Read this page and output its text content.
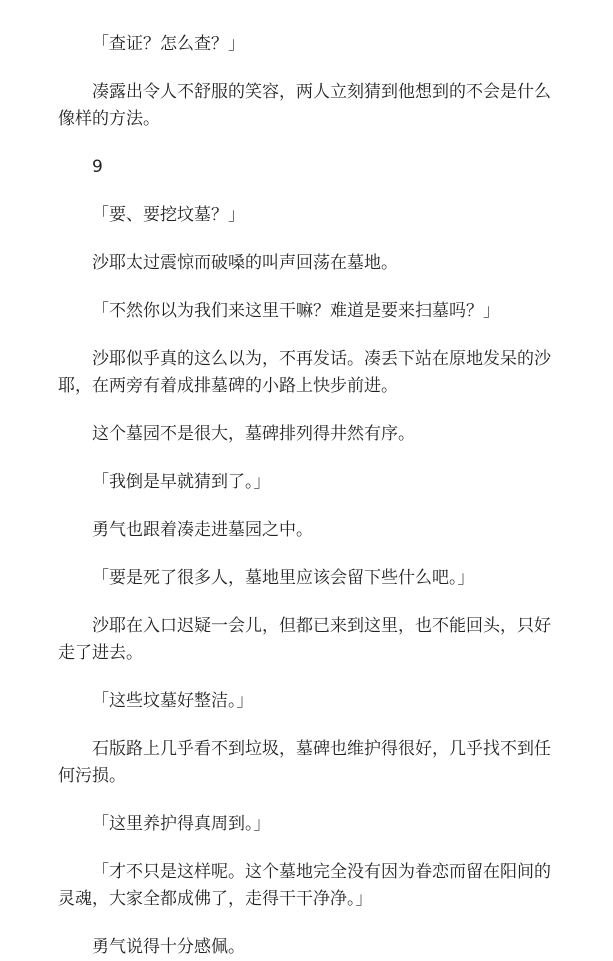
「查证？怎么查？」

凑露出令人不舒服的笑容，两人立刻猜到他想到的不会是什么像样的方法。

9

「要、要挖坟墓？」

沙耶太过震惊而破嗓的叫声回荡在墓地。

「不然你以为我们来这里干嘛？难道是要来扫墓吗？」

沙耶似乎真的这么以为，不再发话。凑丢下站在原地发呆的沙耶，在两旁有着成排墓碑的小路上快步前进。

这个墓园不是很大，墓碑排列得井然有序。

「我倒是早就猜到了。」

勇气也跟着凑走进墓园之中。

「要是死了很多人，墓地里应该会留下些什么吧。」

沙耶在入口迟疑一会儿，但都已来到这里，也不能回头，只好走了进去。

「这些坟墓好整洁。」

石版路上几乎看不到垃圾，墓碑也维护得很好，几乎找不到任何污损。

「这里养护得真周到。」

「才不只是这样呢。这个墓地完全没有因为眷恋而留在阳间的灵魂，大家全都成佛了，走得干干净净。」

勇气说得十分感佩。
